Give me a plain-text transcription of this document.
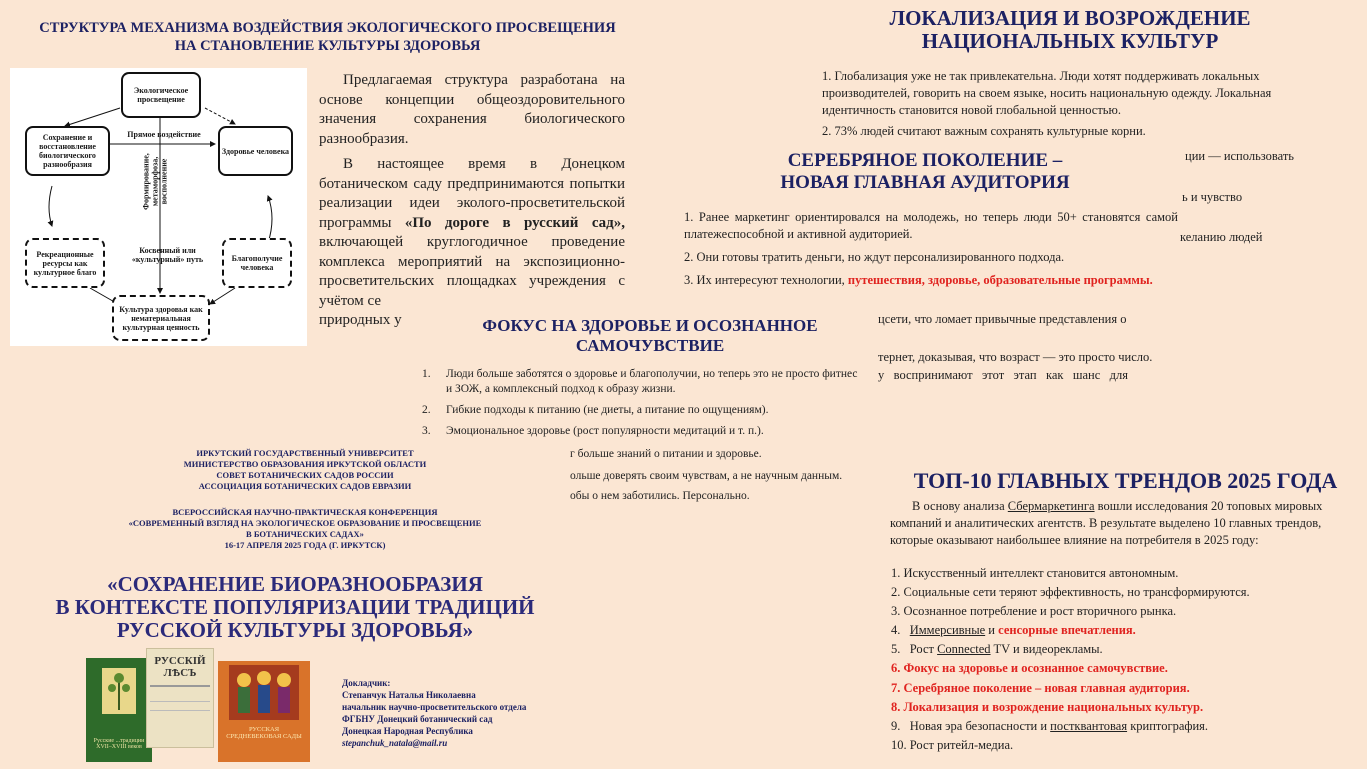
СТРУКТУРА МЕХАНИЗМА ВОЗДЕЙСТВИЯ ЭКОЛОГИЧЕСКОГО ПРОСВЕЩЕНИЯ
НА СТАНОВЛЕНИЕ КУЛЬТУРЫ ЗДОРОВЬЯ
Экологическое просвещение
Сохранение и восстановление биологического разнообразия
Здоровье человека
Рекреационные ресурсы как культурное благо
Благополучие человека
Культура здоровья как нематериальная культурная ценность
Прямое воздействие
Косвенный или «культурный» путь
Формирование, метаморфоза, восполнение
Предлагаемая структура разработана на основе концепции общеоздоровительного значения сохранения биологического разнообразия.
В настоящее время в Донецком ботаническом саду предпринимаются попытки реализации идеи эколого-просветительской программы «По дороге в русский сад», включающей круглогодичное проведение комплекса мероприятий на экспозиционно-просветительских площадках учреждения с учётом се
природных у
ИРКУТСКИЙ ГОСУДАРСТВЕННЫЙ УНИВЕРСИТЕТ
МИНИСТЕРСТВО ОБРАЗОВАНИЯ ИРКУТСКОЙ ОБЛАСТИ
СОВЕТ БОТАНИЧЕСКИХ САДОВ РОССИИ
АССОЦИАЦИЯ БОТАНИЧЕСКИХ САДОВ ЕВРАЗИИ
ВСЕРОССИЙСКАЯ НАУЧНО-ПРАКТИЧЕСКАЯ КОНФЕРЕНЦИЯ
«СОВРЕМЕННЫЙ ВЗГЛЯД НА ЭКОЛОГИЧЕСКОЕ ОБРАЗОВАНИЕ И ПРОСВЕЩЕНИЕ
В БОТАНИЧЕСКИХ САДАХ»
16-17 АПРЕЛЯ 2025 ГОДА (Г. ИРКУТСК)
«СОХРАНЕНИЕ БИОРАЗНООБРАЗИЯ
В КОНТЕКСТЕ ПОПУЛЯРИЗАЦИИ ТРАДИЦИЙ
РУССКОЙ КУЛЬТУРЫ ЗДОРОВЬЯ»
Русские ...традиции XVII–XVIII веков
РУССКІЙ ЛѢСЪ
РУССКАЯ СРЕДНЕВЕКОВАЯ САДЫ
Докладчик:
Степанчук Наталья Николаевна
начальник научно-просветительского отдела
ФГБНУ Донецкий ботанический сад
Донецкая Народная Республика
stepanchuk_natala@mail.ru
ЛОКАЛИЗАЦИЯ И ВОЗРОЖДЕНИЕ
НАЦИОНАЛЬНЫХ КУЛЬТУР
1. Глобализация уже не так привлекательна. Люди хотят поддерживать локальных производителей, говорить на своем языке, носить национальную одежду. Локальная идентичность становится новой глобальной ценностью.
2. 73% людей считают важным сохранять культурные корни.
ции — использовать
ь и чувство
келанию людей
СЕРЕБРЯНОЕ ПОКОЛЕНИЕ –
НОВАЯ ГЛАВНАЯ АУДИТОРИЯ
1. Ранее маркетинг ориентировался на молодежь, но теперь люди 50+ становятся самой платежеспособной и активной аудиторией.
2. Они готовы тратить деньги, но ждут персонализированного подхода.
3. Их интересуют технологии, путешествия, здоровье, образовательные программы.
цсети, что ломает привычные представления о
тернет, доказывая, что возраст — это просто число.
у   воспринимают   этот   этап   как   шанс   для
ФОКУС НА ЗДОРОВЬЕ И ОСОЗНАННОЕ
САМОЧУВСТВИЕ
1.	Люди больше заботятся о здоровье и благополучии, но теперь это не просто фитнес и ЗОЖ, а комплексный подход к образу жизни.
2.	Гибкие подходы к питанию (не диеты, а питание по ощущениям).
3.	Эмоциональное здоровье (рост популярности медитаций и т. п.).
г больше знаний о питании и здоровье.
ольше доверять своим чувствам, а не научным данным.
обы о нем заботились. Персонально.
ТОП-10 ГЛАВНЫХ ТРЕНДОВ 2025 ГОДА
В основу анализа Сбермаркетинга вошли исследования 20 топовых мировых компаний и аналитических агентств. В результате выделено 10 главных трендов, которые оказывают наибольшее влияние на потребителя в 2025 году:
1. Искусственный интеллект становится автономным.
2. Социальные сети теряют эффективность, но трансформируются.
3. Осознанное потребление и рост вторичного рынка.
4.   Иммерсивные и сенсорные впечатления.
5.   Рост Connected TV и видеорекламы.
6. Фокус на здоровье и осознанное самочувствие.
7. Серебряное поколение – новая главная аудитория.
8. Локализация и возрождение национальных культур.
9.   Новая эра безопасности и постквантовая криптография.
10. Рост ритейл-медиа.
